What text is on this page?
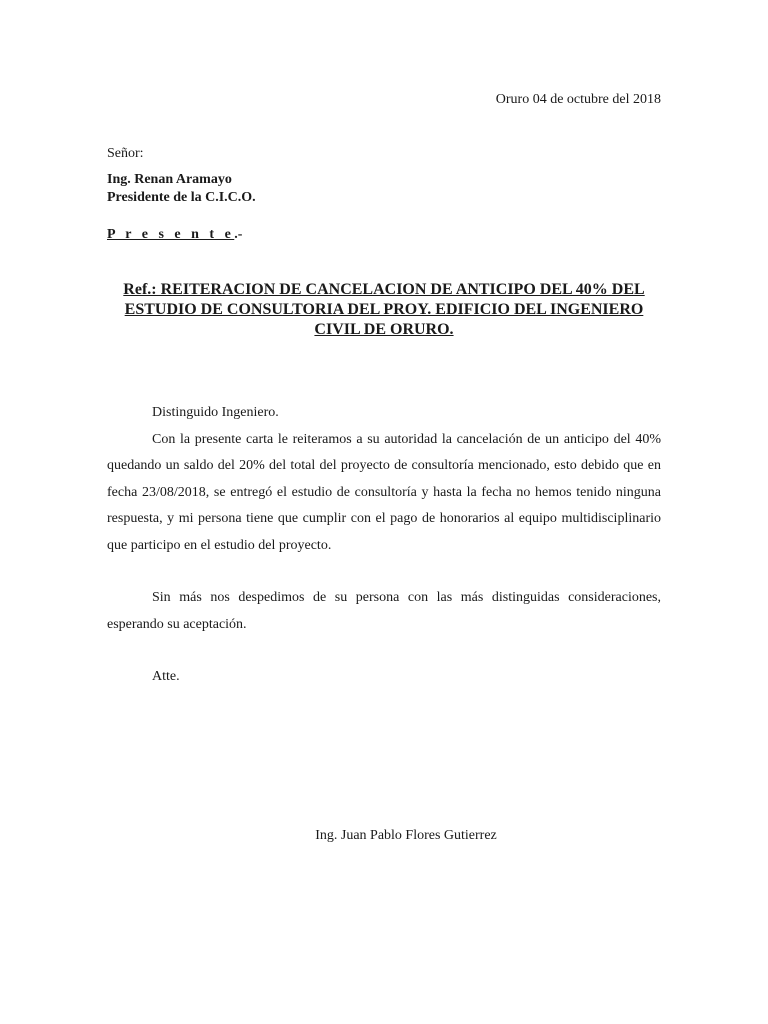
Oruro 04 de octubre del 2018
Señor:
Ing. Renan Aramayo
Presidente de la C.I.C.O.
P r e s e n t e.-
Ref.: REITERACION DE CANCELACION DE ANTICIPO DEL 40% DEL ESTUDIO DE CONSULTORIA DEL PROY. EDIFICIO DEL INGENIERO CIVIL DE ORURO.

Distinguido Ingeniero.

Con la presente carta le reiteramos a su autoridad la cancelación de un anticipo del 40% quedando un saldo del 20% del total del proyecto de consultoría mencionado, esto debido que en fecha 23/08/2018, se entregó el estudio de consultoría y hasta la fecha no hemos tenido ninguna respuesta, y mi persona tiene que cumplir con el pago de honorarios al equipo multidisciplinario que participo en el estudio del proyecto.

Sin más nos despedimos de su persona con las más distinguidas consideraciones, esperando su aceptación.

Atte.

Ing. Juan Pablo Flores Gutierrez
